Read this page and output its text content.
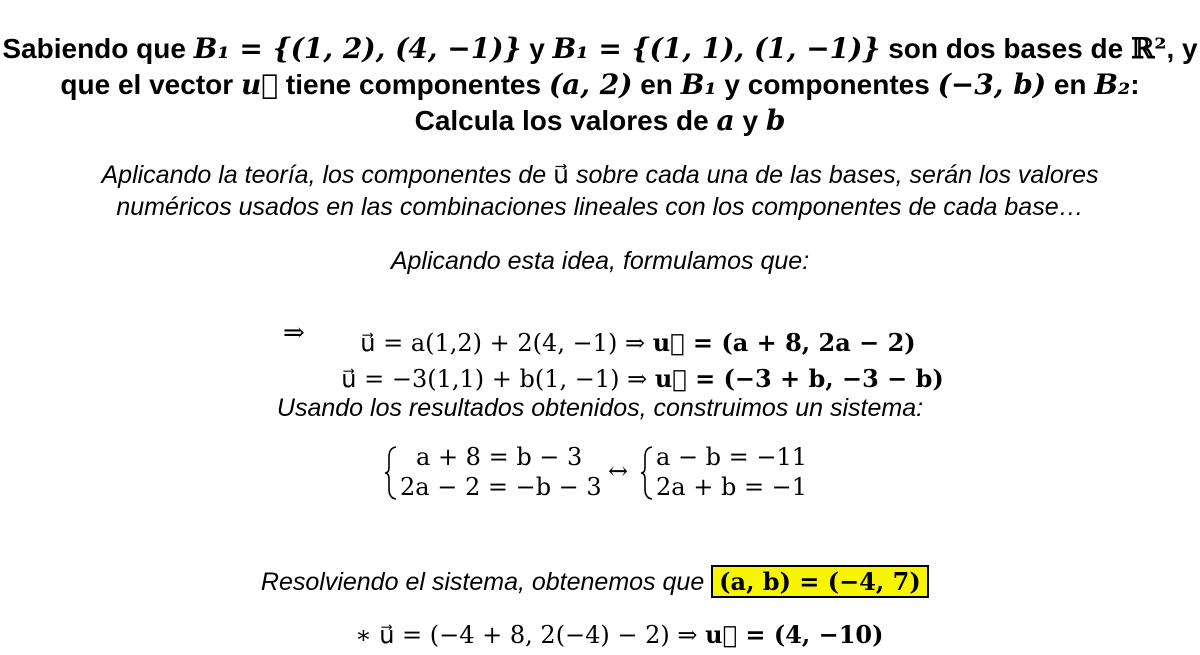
Sabiendo que B₁ = {(1, 2), (4, −1)} y B₁ = {(1, 1), (1, −1)} son dos bases de ℝ², y
que el vector u⃗ tiene componentes (a, 2) en B₁ y componentes (−3, b) en B₂:
Calcula los valores de a y b
Aplicando la teoría, los componentes de u⃗ sobre cada una de las bases, serán los valores
numéricos usados en las combinaciones lineales con los componentes de cada base…
Aplicando esta idea, formulamos que:
⇒	u⃗ = a(1,2) + 2(4, −1) ⇒ u⃗ = (a + 8, 2a − 2)

u⃗ = −3(1,1) + b(1, −1) ⇒ u⃗ = (−3 + b, −3 − b)

Usando los resultados obtenidos, construimos un sistema:
a + 8 = b − 3
2a − 2 = −b − 3
↔ a − b = −11
2a + b = −1

Resolviendo el sistema, obtenemos que (a, b) = (−4, 7)

∗ u⃗ = (−4 + 8, 2(−4) − 2) ⇒ u⃗ = (4, −10)
